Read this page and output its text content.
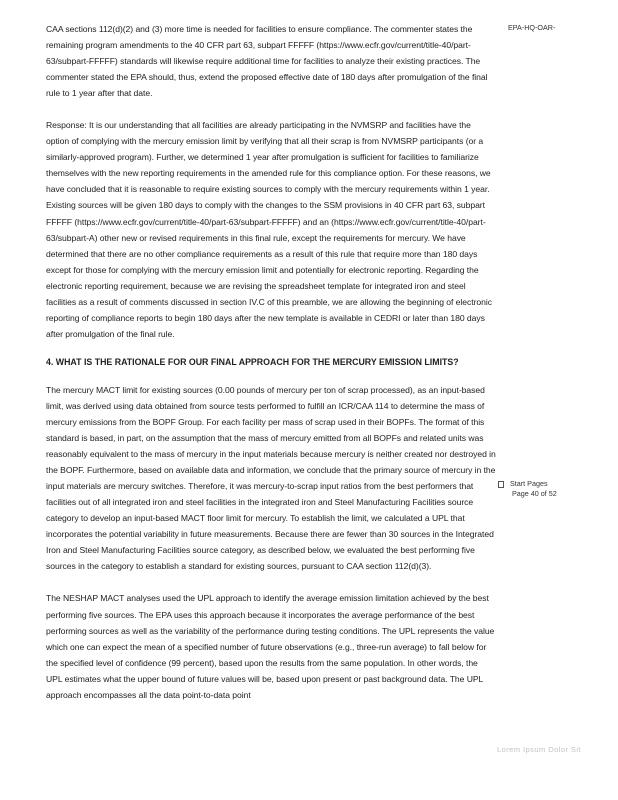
EPA-HQ-OAR-

CAA sections 112(d)(2) and (3) more time is needed for facilities to ensure compliance. The commenter states the remaining program amendments to the 40 CFR part 63, subpart FFFFF (https://www.ecfr.gov/current/title-40/part-63/subpart-FFFFF) standards will likewise require additional time for facilities to analyze their existing practices. The commenter stated the EPA should, thus, extend the proposed effective date of 180 days after promulgation of the final rule to 1 year after that date.

Response: It is our understanding that all facilities are already participating in the NVMSRP and facilities have the option of complying with the mercury emission limit by verifying that all their scrap is from NVMSRP participants (or a similarly-approved program). Further, we determined 1 year after promulgation is sufficient for facilities to familiarize themselves with the new reporting requirements in the amended rule for this compliance option. For these reasons, we have concluded that it is reasonable to require existing sources to comply with the mercury requirements within 1 year. Existing sources will be given 180 days to comply with the changes to the SSM provisions in 40 CFR part 63, subpart FFFFF (https://www.ecfr.gov/current/title-40/part-63/subpart-FFFFF) and an (https://www.ecfr.gov/current/title-40/part-63/subpart-A) other new or revised requirements in this final rule, except the requirements for mercury. We have determined that there are no other compliance requirements as a result of this rule that require more than 180 days except for those for complying with the mercury emission limit and potentially for electronic reporting. Regarding the electronic reporting requirement, because we are revising the spreadsheet template for integrated iron and steel facilities as a result of comments discussed in section IV.C of this preamble, we are allowing the beginning of electronic reporting of compliance reports to begin 180 days after the new template is available in CEDRI or later than 180 days after promulgation of the final rule.

4. WHAT IS THE RATIONALE FOR OUR FINAL APPROACH FOR THE MERCURY EMISSION LIMITS?

The mercury MACT limit for existing sources (0.00 pounds of mercury per ton of scrap processed), as an input-based limit, was derived using data obtained from source tests performed to fulfill an ICR/CAA 114 to determine the mass of mercury emissions from the BOPF Group. For each facility per mass of scrap used in their BOPFs. The format of this standard is based, in part, on the assumption that the mass of mercury emitted from all BOPFs and related units was reasonably equivalent to the mass of mercury in the input materials because mercury is neither created nor destroyed in the BOPF. Furthermore, based on available data and information, we conclude that the primary source of mercury in the input materials are mercury switches. Therefore, it was mercury-to-scrap input ratios from the best performers that facilities out of all integrated iron and steel facilities in the integrated iron and Steel Manufacturing Facilities source category to develop an input-based MACT floor limit for mercury. To establish the limit, we calculated a UPL that incorporates the potential variability in future measurements. Because there are fewer than 30 sources in the Integrated Iron and Steel Manufacturing Facilities source category, as described below, we evaluated the best performing five sources in the category to establish a standard for existing sources, pursuant to CAA section 112(d)(3).

The NESHAP MACT analyses used the UPL approach to identify the average emission limitation achieved by the best performing five sources. The EPA uses this approach because it incorporates the average performance of the best performing sources as well as the variability of the performance during testing conditions. The UPL represents the value which one can expect the mean of a specified number of future observations (e.g., three-run average) to fall below for the specified level of confidence (99 percent), based upon the results from the same population. In other words, the UPL estimates what the upper bound of future values will be, based upon present or past background data. The UPL approach encompasses all the data point-to-data point

Start Pages
Page 40 of 52
Lorem Ipsum Dolor Sit
